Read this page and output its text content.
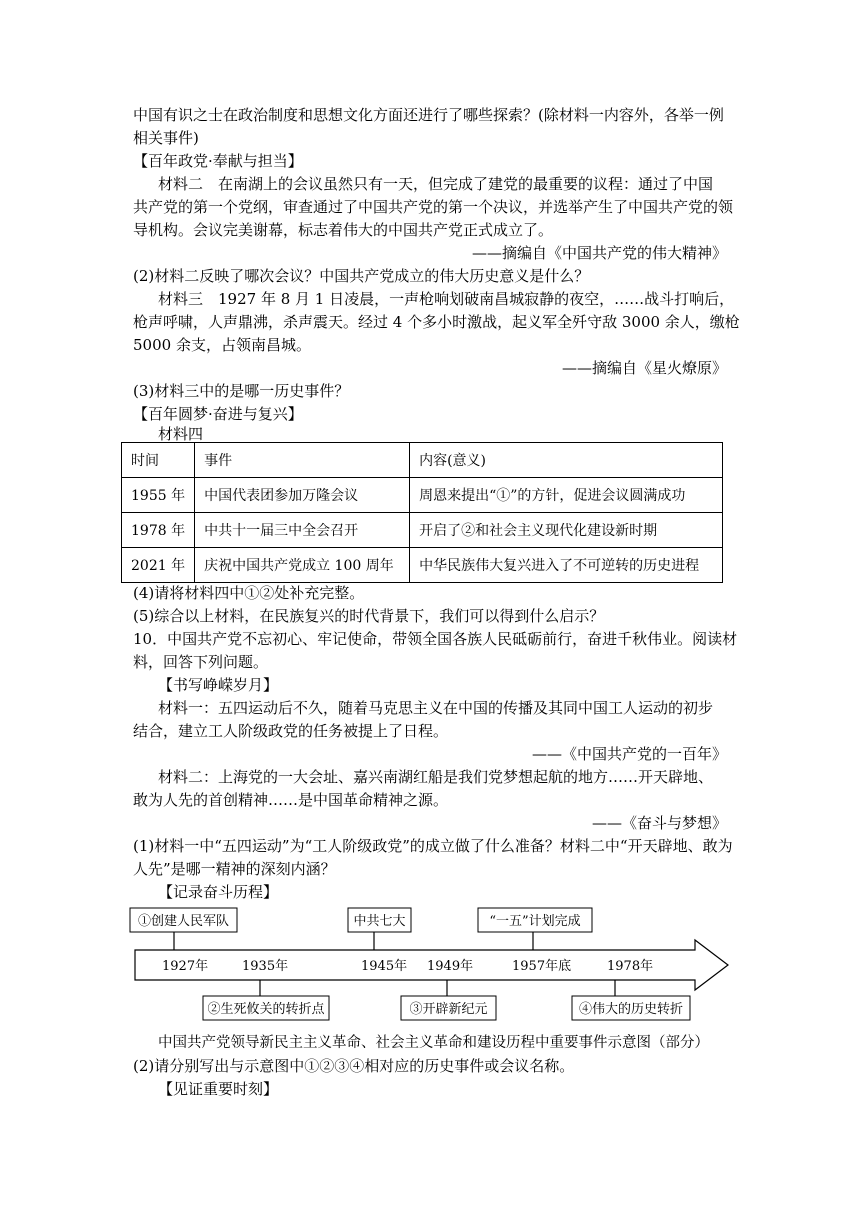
中国有识之士在政治制度和思想文化方面还进行了哪些探索？(除材料一内容外，各举一例
相关事件)
【百年政党·奉献与担当】
材料二　在南湖上的会议虽然只有一天，但完成了建党的最重要的议程：通过了中国
共产党的第一个党纲，审查通过了中国共产党的第一个决议，并选举产生了中国共产党的领
导机构。会议完美谢幕，标志着伟大的中国共产党正式成立了。
——摘编自《中国共产党的伟大精神》
(2)材料二反映了哪次会议？中国共产党成立的伟大历史意义是什么？
材料三　1927 年 8 月 1 日凌晨，一声枪响划破南昌城寂静的夜空，……战斗打响后，
枪声呼啸，人声鼎沸，杀声震天。经过 4 个多小时激战，起义军全歼守敌 3000 余人，缴枪
5000 余支，占领南昌城。
——摘编自《星火燎原》
(3)材料三中的是哪一历史事件？
【百年圆梦·奋进与复兴】
材料四
时间	事件	内容(意义)
1955 年	中国代表团参加万隆会议	周恩来提出“①”的方针，促进会议圆满成功
1978 年	中共十一届三中全会召开	开启了②和社会主义现代化建设新时期
2021 年	庆祝中国共产党成立 100 周年	中华民族伟大复兴进入了不可逆转的历史进程
(4)请将材料四中①②处补充完整。
(5)综合以上材料，在民族复兴的时代背景下，我们可以得到什么启示？
10．中国共产党不忘初心、牢记使命，带领全国各族人民砥砺前行，奋进千秋伟业。阅读材
料，回答下列问题。
【书写峥嵘岁月】
材料一：五四运动后不久，随着马克思主义在中国的传播及其同中国工人运动的初步
结合，建立工人阶级政党的任务被提上了日程。
——《中国共产党的一百年》
材料二：上海党的一大会址、嘉兴南湖红船是我们党梦想起航的地方……开天辟地、
敢为人先的首创精神……是中国革命精神之源。
——《奋斗与梦想》
(1)材料一中“五四运动”为“工人阶级政党”的成立做了什么准备？材料二中“开天辟地、敢为
人先”是哪一精神的深刻内涵？
【记录奋斗历程】
①创建人民军队	中共七大	“一五”计划完成
1927年	1935年	1945年 1949年	1957年底	1978年
②生死攸关的转折点	③开辟新纪元	④伟大的历史转折
中国共产党领导新民主主义革命、社会主义革命和建设历程中重要事件示意图（部分）
(2)请分别写出与示意图中①②③④相对应的历史事件或会议名称。
【见证重要时刻】
